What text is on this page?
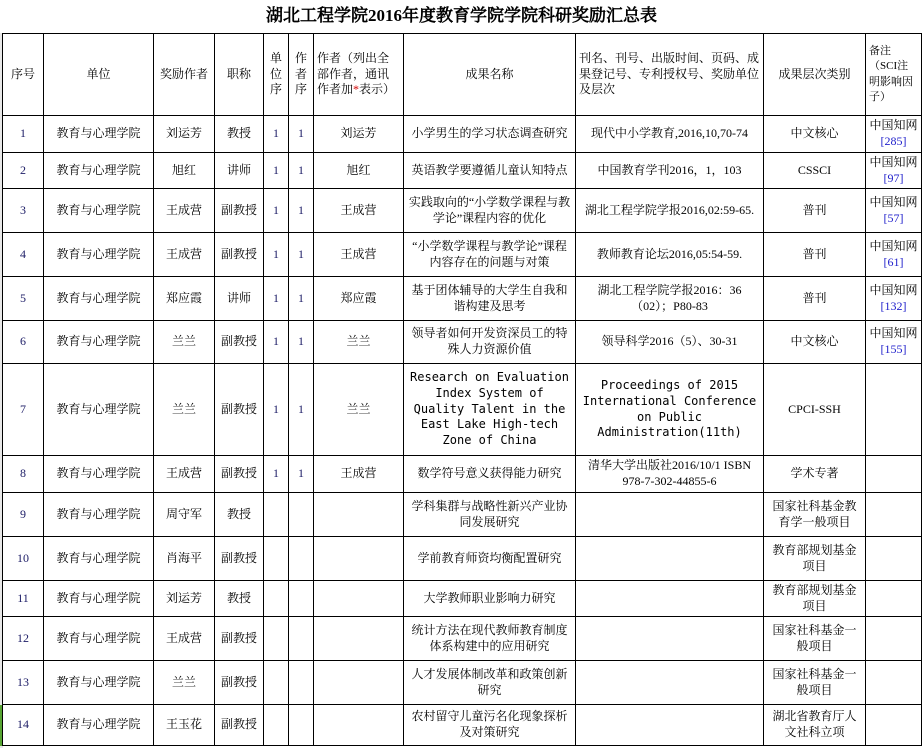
湖北工程学院2016年度教育学院学院科研奖励汇总表
序号	单位	奖励作者	职称	单位序	作者序	作者（列出全部作者，通讯作者加*表示）	成果名称	刊名、刊号、出版时间、页码、成果登记号、专利授权号、奖励单位及层次	成果层次类别	备注（SCI注明影响因子）
1	教育与心理学院	刘运芳	教授	1	1	刘运芳	小学男生的学习状态调查研究	现代中小学教育,2016,10,70-74	中文核心	中国知网[285]
2	教育与心理学院	旭红	讲师	1	1	旭红	英语教学要遵循儿童认知特点	中国教育学刊2016，1，103	CSSCI	中国知网[97]
3	教育与心理学院	王成营	副教授	1	1	王成营	实践取向的“小学数学课程与教学论”课程内容的优化	湖北工程学院学报2016,02:59-65.	普刊	中国知网[57]
4	教育与心理学院	王成营	副教授	1	1	王成营	“小学数学课程与教学论”课程内容存在的问题与对策	教师教育论坛2016,05:54-59.	普刊	中国知网[61]
5	教育与心理学院	郑应霞	讲师	1	1	郑应霞	基于团体辅导的大学生自我和谐构建及思考	湖北工程学院学报2016：36（02）；P80-83	普刊	中国知网[132]
6	教育与心理学院	兰兰	副教授	1	1	兰兰	领导者如何开发资深员工的特殊人力资源价值	领导科学2016（5）、30-31	中文核心	中国知网[155]
7	教育与心理学院	兰兰	副教授	1	1	兰兰	Research on Evaluation Index System of Quality Talent in the East Lake High-tech Zone of China	Proceedings of 2015 International Conference on Public Administration(11th)	CPCI-SSH	
8	教育与心理学院	王成营	副教授	1	1	王成营	数学符号意义获得能力研究	清华大学出版社2016/10/1 ISBN 978-7-302-44855-6	学术专著	
9	教育与心理学院	周守军	教授				学科集群与战略性新兴产业协同发展研究		国家社科基金教育学一般项目	
10	教育与心理学院	肖海平	副教授				学前教育师资均衡配置研究		教育部规划基金项目	
11	教育与心理学院	刘运芳	教授				大学教师职业影响力研究		教育部规划基金项目	
12	教育与心理学院	王成营	副教授				统计方法在现代教师教育制度体系构建中的应用研究		国家社科基金一般项目	
13	教育与心理学院	兰兰	副教授				人才发展体制改革和政策创新研究		国家社科基金一般项目	
14	教育与心理学院	王玉花	副教授				农村留守儿童污名化现象探析及对策研究		湖北省教育厅人文社科立项	
